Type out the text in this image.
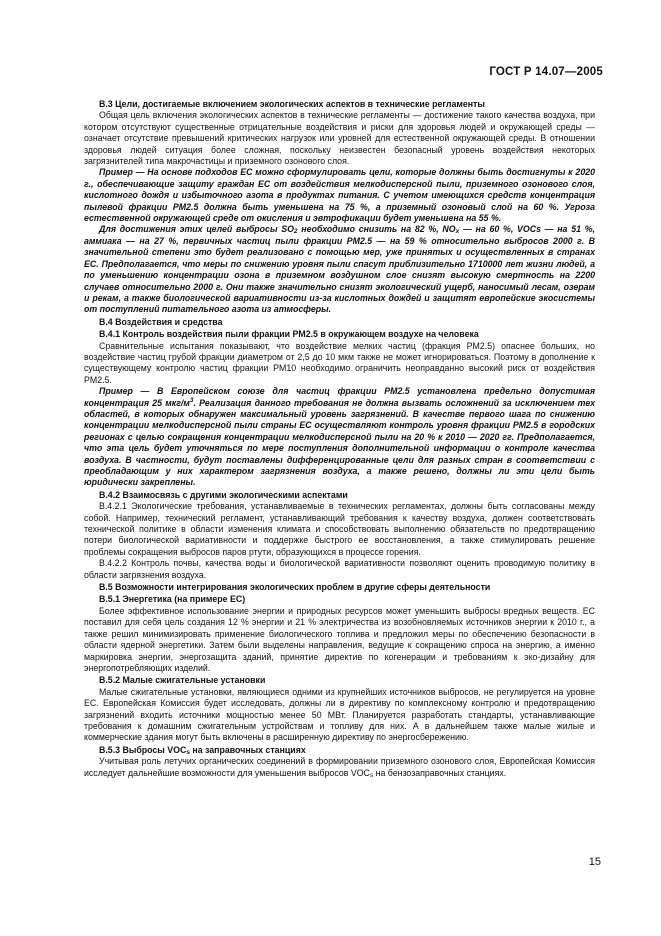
ГОСТ Р 14.07—2005
В.3 Цели, достигаемые включением экологических аспектов в технические регламенты

Общая цель включения экологических аспектов в технические регламенты — достижение такого качества воздуха, при котором отсутствуют существенные отрицательные воздействия и риски для здоровья людей и окружающей среды — означает отсутствие превышений критических нагрузок или уровней для естественной окружающей среды. В отношении здоровья людей ситуация более сложная, поскольку неизвестен безопасный уровень воздействия некоторых загрязнителей типа макрочастицы и приземного озонового слоя.

Пример — На основе подходов ЕС можно сформулировать цели, которые должны быть достигнуты к 2020 г., обеспечивающие защиту граждан ЕС от воздействия мелкодисперсной пыли, приземного озонового слоя, кислотного дождя и избыточного азота в продуктах питания. С учетом имеющихся средств концентрация пылевой фракции PM2.5 должна быть уменьшена на 75 %, а приземный озоновый слой на 60 %. Угроза естественной окружающей среде от окисления и эвтрофикации будет уменьшена на 55 %.

Для достижения этих целей выбросы $SO_2$ необходимо снизить на 82 %, $NO_x$ — на 60 %, VOCs — на 51 %, аммиака — на 27 %, первичных частиц пыли фракции PM2.5 — на 59 % относительно выбросов 2000 г. В значительной степени это будет реализовано с помощью мер, уже принятых и осуществленных в странах ЕС. Предполагается, что меры по снижению уровня пыли спасут приблизительно 1710000 лет жизни людей, а по уменьшению концентрации озона в приземном воздушном слое снизят высокую смертность на 2200 случаев относительно 2000 г. Они также значительно снизят экологический ущерб, наносимый лесам, озерам и рекам, а также биологической вариативности из-за кислотных дождей и защитят европейские экосистемы от поступлений питательного азота из атмосферы.

В.4 Воздействия и средства
В.4.1 Контроль воздействия пыли фракции PM2.5 в окружающем воздухе на человека

Сравнительные испытания показывают, что воздействие мелких частиц (фракция PM2.5) опаснее больших, но воздействие частиц грубой фракции диаметром от 2,5 до 10 мкм также не может игнорироваться. Поэтому в дополнение к существующему контролю частиц фракции PM10 необходимо ограничить неоправданно высокий риск от воздействия PM2.5.

Пример — В Европейском союзе для частиц фракции PM2.5 установлена предельно допустимая концентрация 25 мкг/$м^3$. Реализация данного требования не должна вызвать осложнений за исключением тех областей, в которых обнаружен максимальный уровень загрязнений. В качестве первого шага по снижению концентрации мелкодисперсной пыли страны ЕС осуществляют контроль уровня фракции PM2.5 в городских регионах с целью сокращения концентрации мелкодисперсной пыли на 20 % к 2010 — 2020 гг. Предполагается, что эта цель будет уточняться по мере поступления дополнительной информации о контроле качества воздуха. В частности, будут поставлены дифференцированные цели для разных стран в соответствии с преобладающим у них характером загрязнения воздуха, а также решено, должны ли эти цели быть юридически закреплены.

В.4.2 Взаимосвязь с другими экологическими аспектами

В.4.2.1 Экологические требования, устанавливаемые в технических регламентах, должны быть согласованы между собой. Например, технический регламент, устанавливающий требования к качеству воздуха, должен соответствовать технической политике в области изменения климата и способствовать выполнению обязательств по предотвращению потери биологической вариативности и поддержке быстрого ее восстановления, а также стимулировать решение проблемы сокращения выбросов паров ртути, образующихся в процессе горения.

В.4.2.2 Контроль почвы, качества воды и биологической вариативности позволяют оценить проводимую политику в области загрязнения воздуха.

В.5 Возможности интегрирования экологических проблем в другие сферы деятельности
В.5.1 Энергетика (на примере ЕС)

Более эффективное использование энергии и природных ресурсов может уменьшить выбросы вредных веществ. ЕС поставил для себя цель создания 12 % энергии и 21 % электричества из возобновляемых источников энергии к 2010 г., а также решил минимизировать применение биологического топлива и предложил меры по обеспечению безопасности в области ядерной энергетики. Затем были выделены направления, ведущие к сокращению спроса на энергию, а именно маркировка энергии, энергозащита зданий, принятие директив по когенерации и требованиям к эко-дизайну для энергопотребляющих изделий.

В.5.2 Малые сжигательные установки

Малые сжигательные установки, являющиеся одними из крупнейших источников выбросов, не регулируется на уровне ЕС. Европейская Комиссия будет исследовать, должны ли в директиву по комплексному контролю и предотвращению загрязнений входить источники мощностью менее 50 МВт. Планируется разработать стандарты, устанавливающие требования к домашним сжигательным устройствам и топливу для них. А в дальнейшем также малые жилые и коммерческие здания могут быть включены в расширенную директиву по энергосбережению.

В.5.3 Выбросы $VOC_s$ на заправочных станциях

Учитывая роль летучих органических соединений в формировании приземного озонового слоя, Европейская Комиссия исследует дальнейшие возможности для уменьшения выбросов $VOC_s$ на бензозаправочных станциях.

15
